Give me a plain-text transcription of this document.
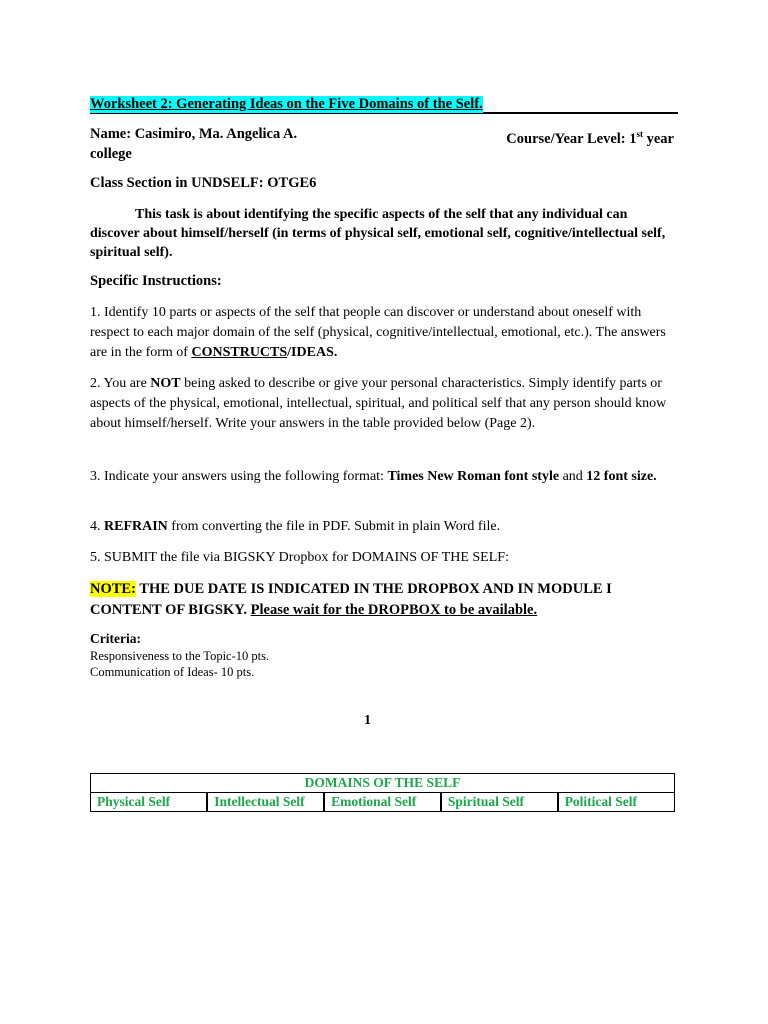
Worksheet 2: Generating Ideas on the Five Domains of the Self.
Name: Casimiro, Ma. Angelica A.	Course/Year Level: 1st year
college
Class Section in UNDSELF: OTGE6
This task is about identifying the specific aspects of the self that any individual can discover about himself/herself (in terms of physical self, emotional self, cognitive/intellectual self, spiritual self).
Specific Instructions:
1. Identify 10 parts or aspects of the self that people can discover or understand about oneself with respect to each major domain of the self (physical, cognitive/intellectual, emotional, etc.). The answers are in the form of CONSTRUCTS/IDEAS.
2. You are NOT being asked to describe or give your personal characteristics. Simply identify parts or aspects of the physical, emotional, intellectual, spiritual, and political self that any person should know about himself/herself. Write your answers in the table provided below (Page 2).
3. Indicate your answers using the following format: Times New Roman font style and 12 font size.
4. REFRAIN from converting the file in PDF. Submit in plain Word file.
5. SUBMIT the file via BIGSKY Dropbox for DOMAINS OF THE SELF:
NOTE: THE DUE DATE IS INDICATED IN THE DROPBOX AND IN MODULE I CONTENT OF BIGSKY. Please wait for the DROPBOX to be available.
Criteria:
Responsiveness to the Topic-10 pts.
Communication of Ideas- 10 pts.
1
DOMAINS OF THE SELF
Physical Self	Intellectual Self	Emotional Self	Spiritual Self	Political Self
